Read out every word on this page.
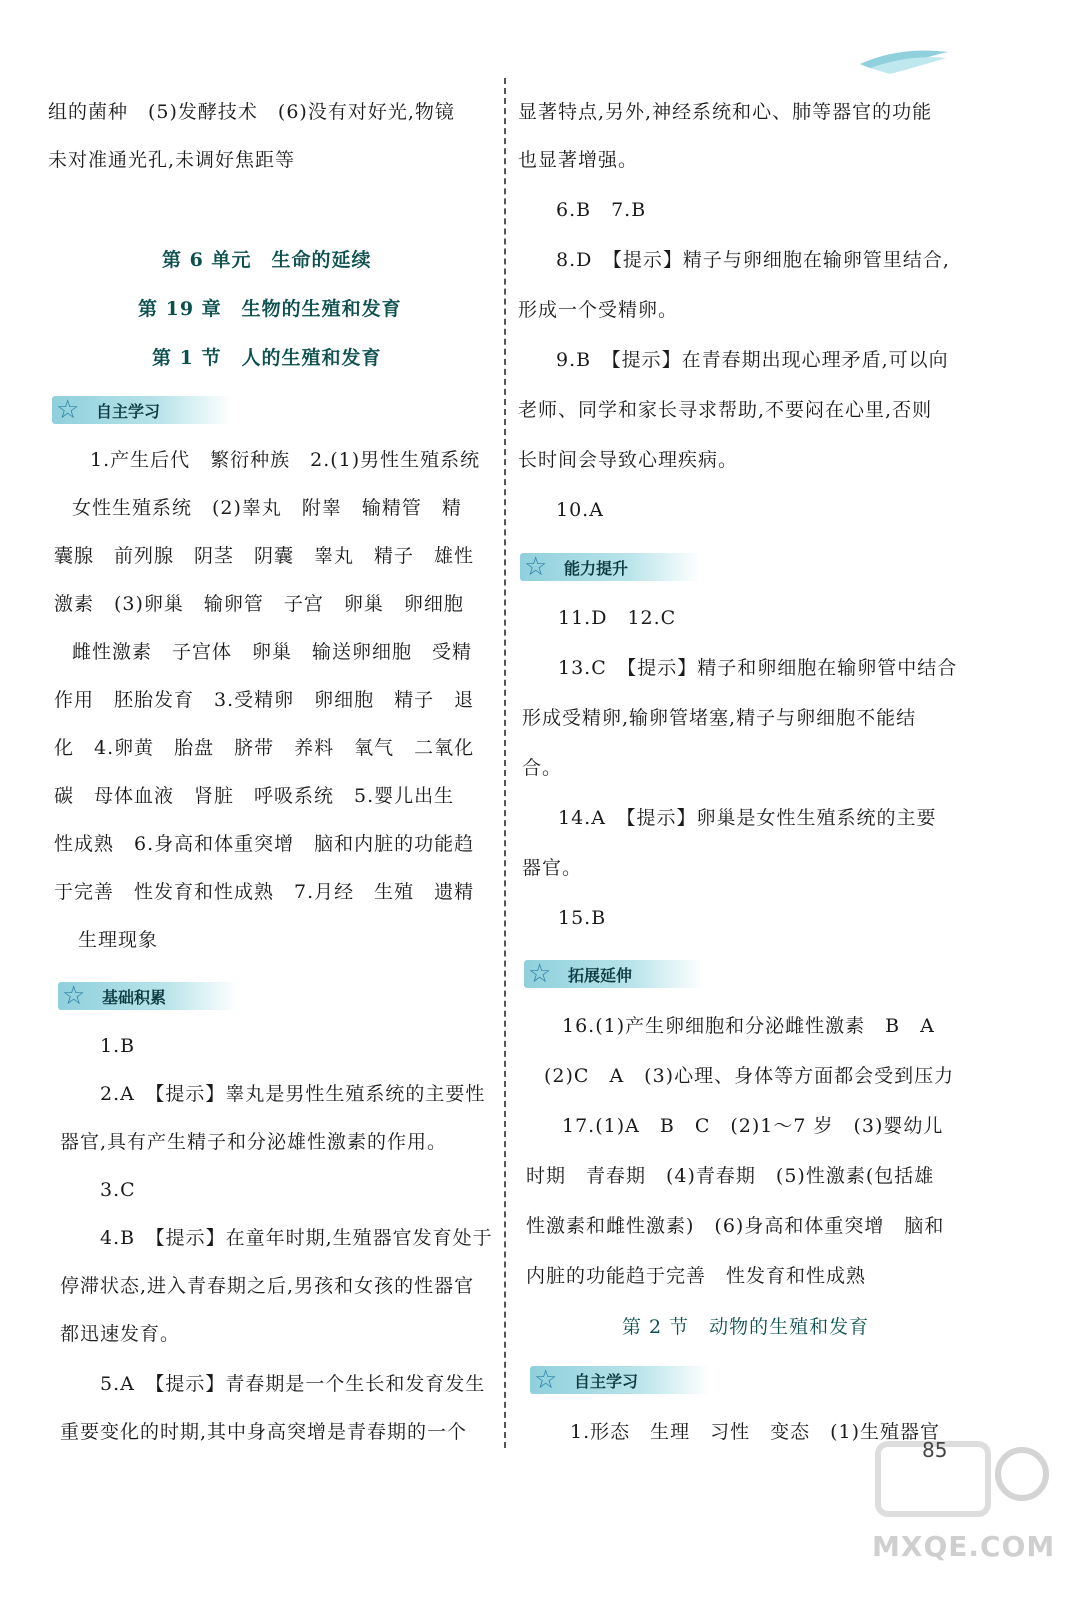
组的菌种　(5)发酵技术　(6)没有对好光,物镜
未对准通光孔,未调好焦距等
第 6 单元　生命的延续
第 19 章　生物的生殖和发育
第 1 节　人的生殖和发育
☆ 自主学习
1.产生后代　繁衍种族　2.(1)男性生殖系统
女性生殖系统　(2)睾丸　附睾　输精管　精
囊腺　前列腺　阴茎　阴囊　睾丸　精子　雄性
激素　(3)卵巢　输卵管　子宫　卵巢　卵细胞
雌性激素　子宫体　卵巢　输送卵细胞　受精
作用　胚胎发育　3.受精卵　卵细胞　精子　退
化　4.卵黄　胎盘　脐带　养料　氧气　二氧化
碳　母体血液　肾脏　呼吸系统　5.婴儿出生
性成熟　6.身高和体重突增　脑和内脏的功能趋
于完善　性发育和性成熟　7.月经　生殖　遗精
生理现象
☆ 基础积累
1.B
2.A　【提示】睾丸是男性生殖系统的主要性
器官,具有产生精子和分泌雄性激素的作用。
3.C
4.B　【提示】在童年时期,生殖器官发育处于
停滞状态,进入青春期之后,男孩和女孩的性器官
都迅速发育。
5.A　【提示】青春期是一个生长和发育发生
重要变化的时期,其中身高突增是青春期的一个
显著特点,另外,神经系统和心、肺等器官的功能
也显著增强。
6.B　7.B
8.D　【提示】精子与卵细胞在输卵管里结合,
形成一个受精卵。
9.B　【提示】在青春期出现心理矛盾,可以向
老师、同学和家长寻求帮助,不要闷在心里,否则
长时间会导致心理疾病。
10.A
☆ 能力提升
11.D　12.C
13.C　【提示】精子和卵细胞在输卵管中结合
形成受精卵,输卵管堵塞,精子与卵细胞不能结
合。
14.A　【提示】卵巢是女性生殖系统的主要
器官。
15.B
☆ 拓展延伸
16.(1)产生卵细胞和分泌雌性激素　B　A
(2)C　A　(3)心理、身体等方面都会受到压力
17.(1)A　B　C　(2)1～7 岁　(3)婴幼儿
时期　青春期　(4)青春期　(5)性激素(包括雄
性激素和雌性激素)　(6)身高和体重突增　脑和
内脏的功能趋于完善　性发育和性成熟
第 2 节　动物的生殖和发育
☆ 自主学习
1.形态　生理　习性　变态　(1)生殖器官
85
MXQE.COM
